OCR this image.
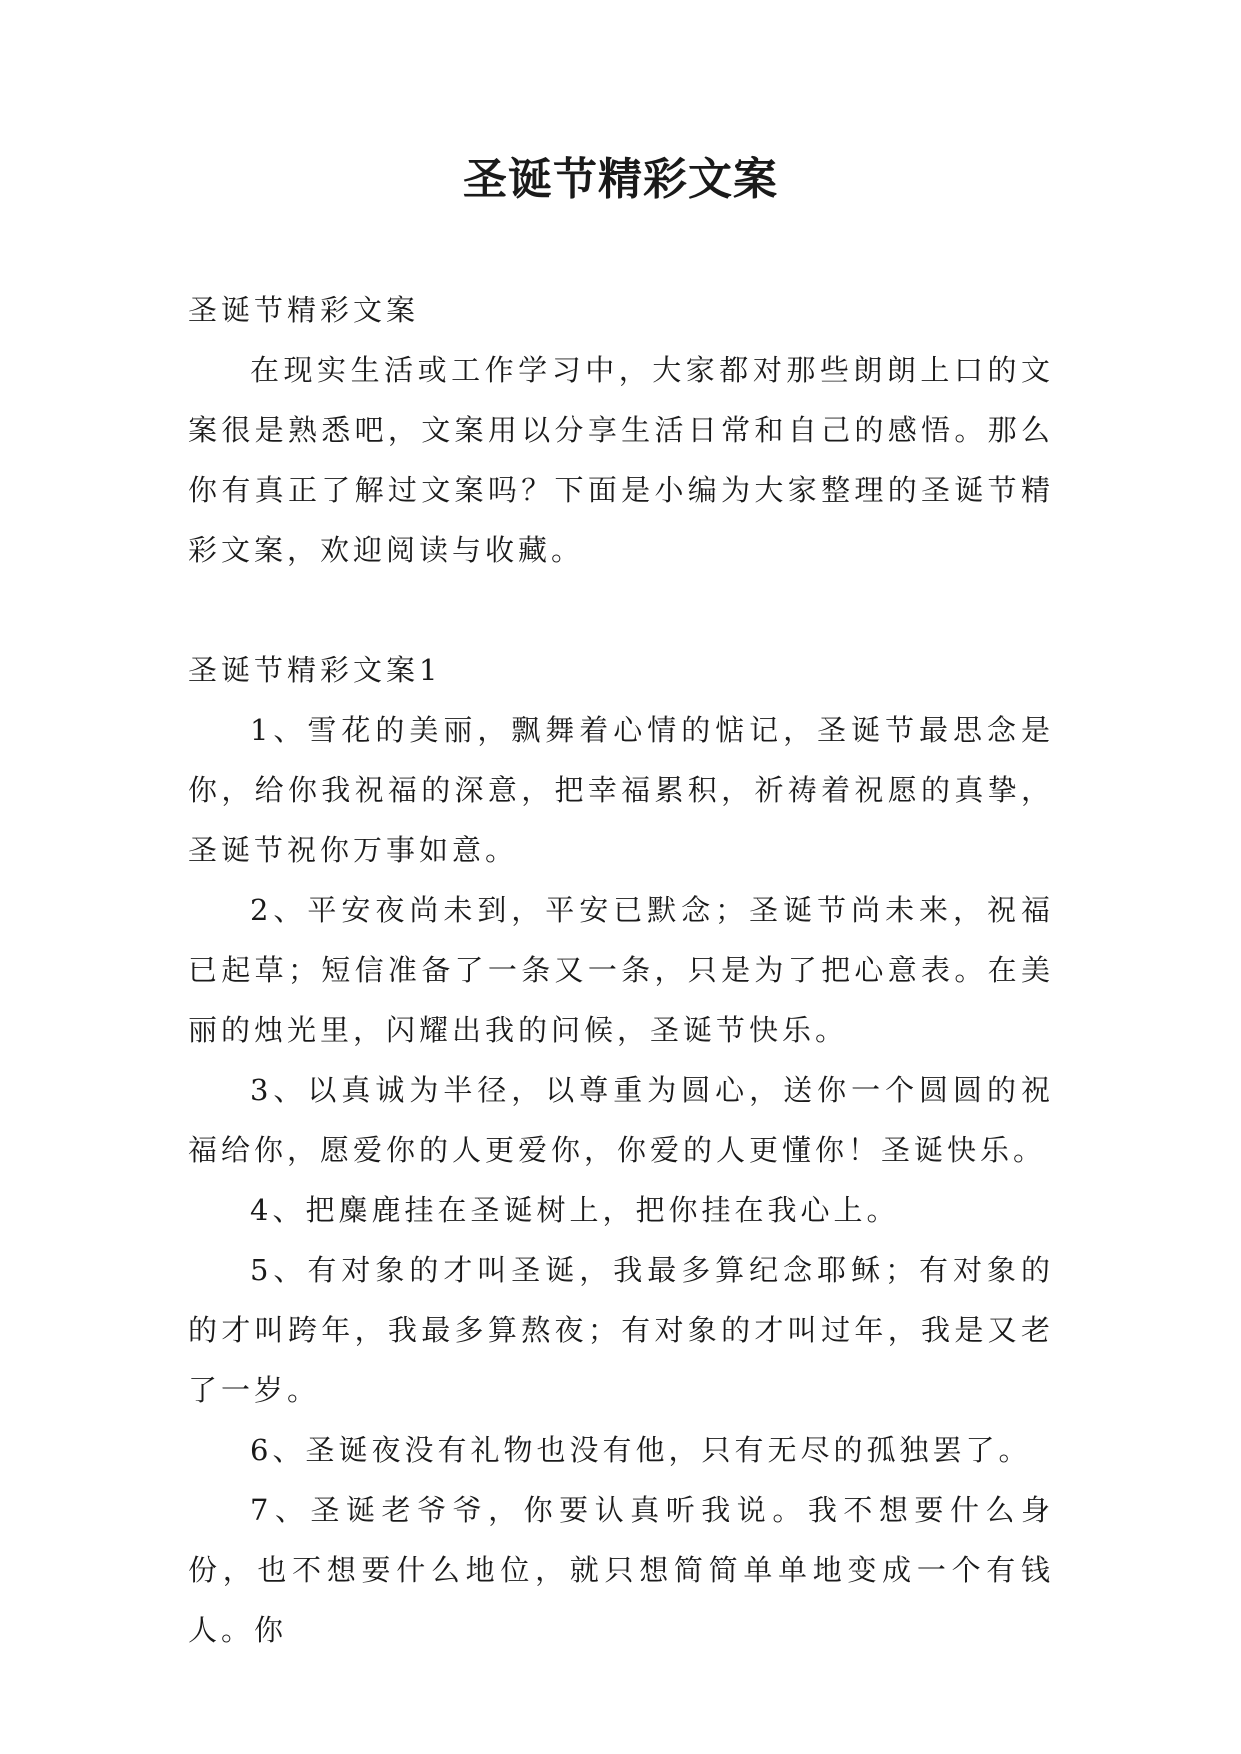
圣诞节精彩文案

圣诞节精彩文案

在现实生活或工作学习中，大家都对那些朗朗上口的文案很是熟悉吧，文案用以分享生活日常和自己的感悟。那么你有真正了解过文案吗？下面是小编为大家整理的圣诞节精彩文案，欢迎阅读与收藏。

圣诞节精彩文案1

1、雪花的美丽，飘舞着心情的惦记，圣诞节最思念是你，给你我祝福的深意，把幸福累积，祈祷着祝愿的真挚，圣诞节祝你万事如意。

2、平安夜尚未到，平安已默念；圣诞节尚未来，祝福已起草；短信准备了一条又一条，只是为了把心意表。在美丽的烛光里，闪耀出我的问候，圣诞节快乐。

3、以真诚为半径，以尊重为圆心，送你一个圆圆的祝福给你，愿爱你的人更爱你，你爱的人更懂你！圣诞快乐。

4、把麋鹿挂在圣诞树上，把你挂在我心上。

5、有对象的才叫圣诞，我最多算纪念耶稣；有对象的的才叫跨年，我最多算熬夜；有对象的才叫过年，我是又老了一岁。

6、圣诞夜没有礼物也没有他，只有无尽的孤独罢了。

7、圣诞老爷爷，你要认真听我说。我不想要什么身份，也不想要什么地位，就只想简简单单地变成一个有钱人。你
